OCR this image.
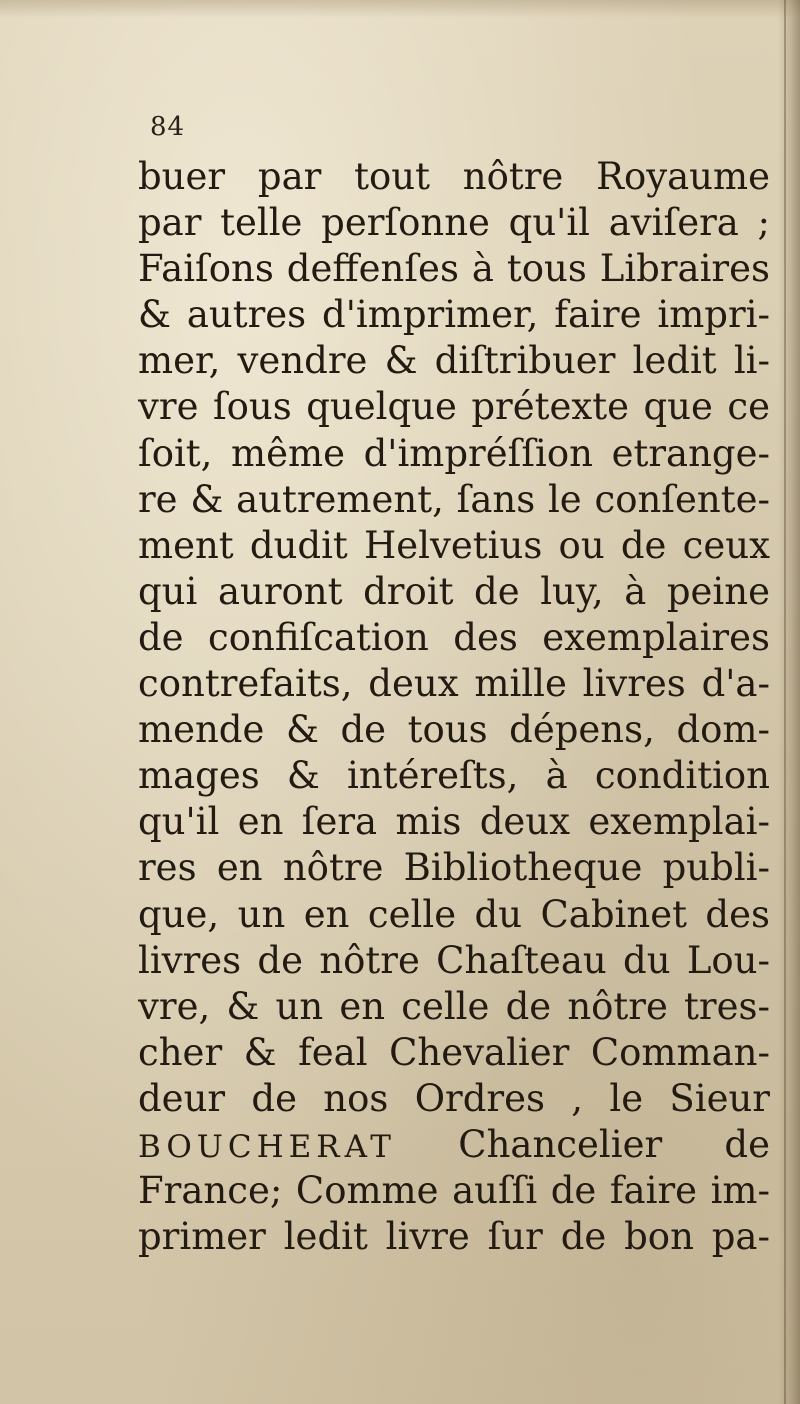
84
buer par tout nôtre Royaume
par telle perſonne qu'il aviſera ;
Faiſons deffenſes à tous Libraires
& autres d'imprimer, faire impri-
mer, vendre & diſtribuer ledit li-
vre ſous quelque prétexte que ce
ſoit, même d'impréſſion etrange-
re & autrement, ſans le conſente-
ment dudit Helvetius ou de ceux
qui auront droit de luy, à peine
de confiſcation des exemplaires
contrefaits, deux mille livres d'a-
mende & de tous dépens, dom-
mages & intéreſts, à condition
qu'il en ſera mis deux exemplai-
res en nôtre Bibliotheque publi-
que, un en celle du Cabinet des
livres de nôtre Chaſteau du Lou-
vre, & un en celle de nôtre tres-
cher & feal Chevalier Comman-
deur de nos Ordres , le Sieur
BOUCHERAT Chancelier de
France; Comme auſſi de faire im-
primer ledit livre ſur de bon pa-
